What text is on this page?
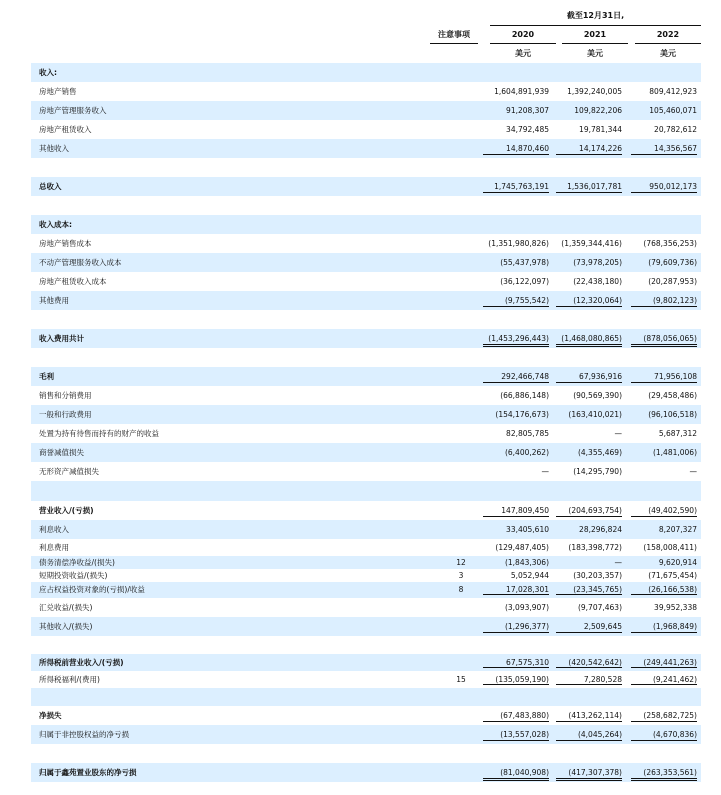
截至12月31日,
注意事项	2020	2021	2022
美元	美元	美元
收入:
房地产销售	1,604,891,939	1,392,240,005	809,412,923
房地产管理服务收入	91,208,307	109,822,206	105,460,071
房地产租赁收入	34,792,485	19,781,344	20,782,612
其他收入	14,870,460	14,174,226	14,356,567
总收入	1,745,763,191	1,536,017,781	950,012,173
收入成本:
房地产销售成本	(1,351,980,826)	(1,359,344,416)	(768,356,253)
不动产管理服务收入成本	(55,437,978)	(73,978,205)	(79,609,736)
房地产租赁收入成本	(36,122,097)	(22,438,180)	(20,287,953)
其他费用	(9,755,542)	(12,320,064)	(9,802,123)
收入费用共计	(1,453,296,443)	(1,468,080,865)	(878,056,065)
毛利	292,466,748	67,936,916	71,956,108
销售和分销费用	(66,886,148)	(90,569,390)	(29,458,486)
一般和行政费用	(154,176,673)	(163,410,021)	(96,106,518)
处置为持有待售而持有的财产的收益	82,805,785	—	5,687,312
商誉减值损失	(6,400,262)	(4,355,469)	(1,481,006)
无形资产减值损失	—	(14,295,790)	—
营业收入/(亏损)	147,809,450	(204,693,754)	(49,402,590)
利息收入	33,405,610	28,296,824	8,207,327
利息费用	(129,487,405)	(183,398,772)	(158,008,411)
债务清偿净收益/(损失)	12	(1,843,306)	—	9,620,914
短期投资收益/(损失)	3	5,052,944	(30,203,357)	(71,675,454)
应占权益投资对象的(亏损)/收益	8	17,028,301	(23,345,765)	(26,166,538)
汇兑收益/(损失)	(3,093,907)	(9,707,463)	39,952,338
其他收入/(损失)	(1,296,377)	2,509,645	(1,968,849)
所得税前营业收入/(亏损)	67,575,310	(420,542,642)	(249,441,263)
所得税福利/(费用)	15	(135,059,190)	7,280,528	(9,241,462)
净损失	(67,483,880)	(413,262,114)	(258,682,725)
归属于非控股权益的净亏损	(13,557,028)	(4,045,264)	(4,670,836)
归属于鑫苑置业股东的净亏损	(81,040,908)	(417,307,378)	(263,353,561)
